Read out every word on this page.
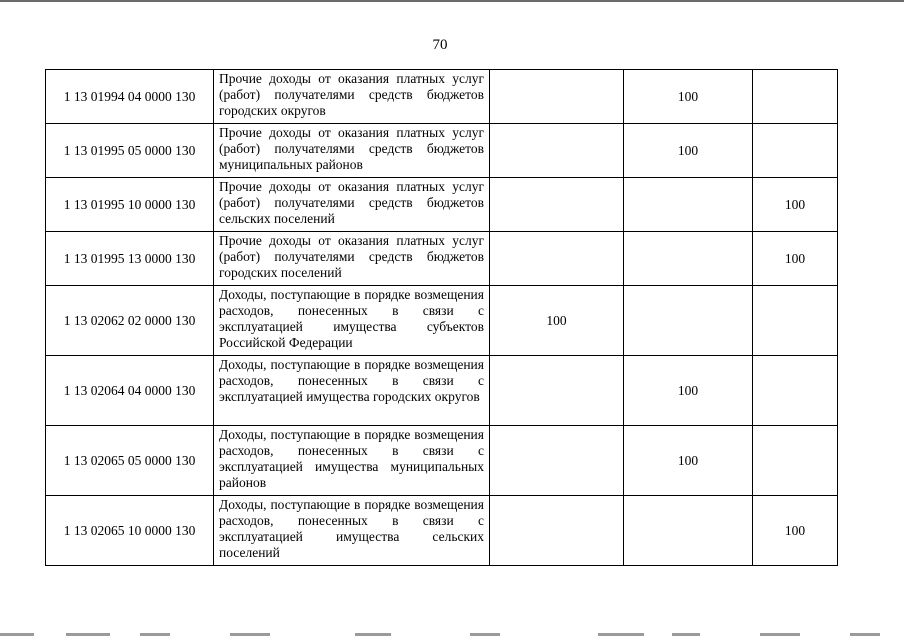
70
1 13 01994 04 0000 130	Прочие доходы от оказания платных услуг (работ) получателями средств бюджетов городских округов		100	
1 13 01995 05 0000 130	Прочие доходы от оказания платных услуг (работ) получателями средств бюджетов муниципальных районов		100	
1 13 01995 10 0000 130	Прочие доходы от оказания платных услуг (работ) получателями средств бюджетов сельских поселений			100
1 13 01995 13 0000 130	Прочие доходы от оказания платных услуг (работ) получателями средств бюджетов городских поселений			100
1 13 02062 02 0000 130	Доходы, поступающие в порядке возмещения расходов, понесенных в связи с эксплуатацией имущества субъектов Российской Федерации	100		
1 13 02064 04 0000 130	Доходы, поступающие в порядке возмещения расходов, понесенных в связи с эксплуатацией имущества городских округов		100	
1 13 02065 05 0000 130	Доходы, поступающие в порядке возмещения расходов, понесенных в связи с эксплуатацией имущества муниципальных районов		100	
1 13 02065 10 0000 130	Доходы, поступающие в порядке возмещения расходов, понесенных в связи с эксплуатацией имущества сельских поселений			100
